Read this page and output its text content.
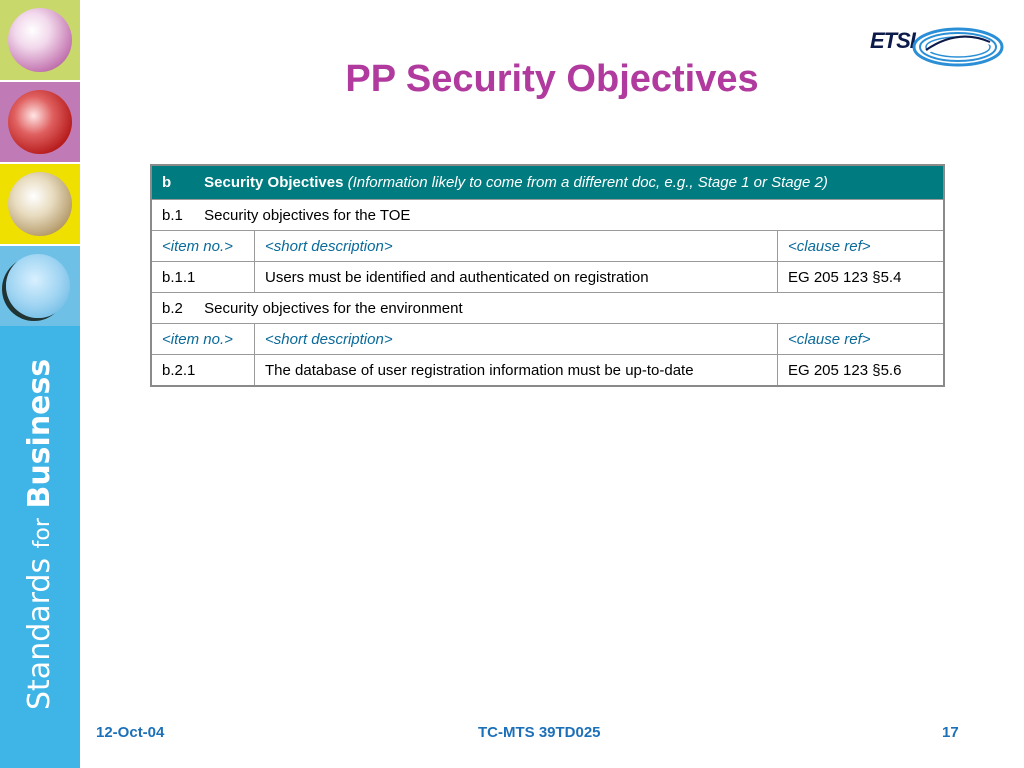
Standards for Business
ETSI
PP Security Objectives
b Security Objectives (Information likely to come from a different doc, e.g., Stage 1 or Stage 2)		
b.1 Security objectives for the TOE		
<item no.>	<short description>	<clause ref>
b.1.1	Users must be identified and authenticated on registration	EG 205 123 §5.4
b.2 Security objectives for the environment		
<item no.>	<short description>	<clause ref>
b.2.1	The database of user registration information must be up-to-date	EG 205 123 §5.6
12-Oct-04	TC-MTS 39TD025	17
